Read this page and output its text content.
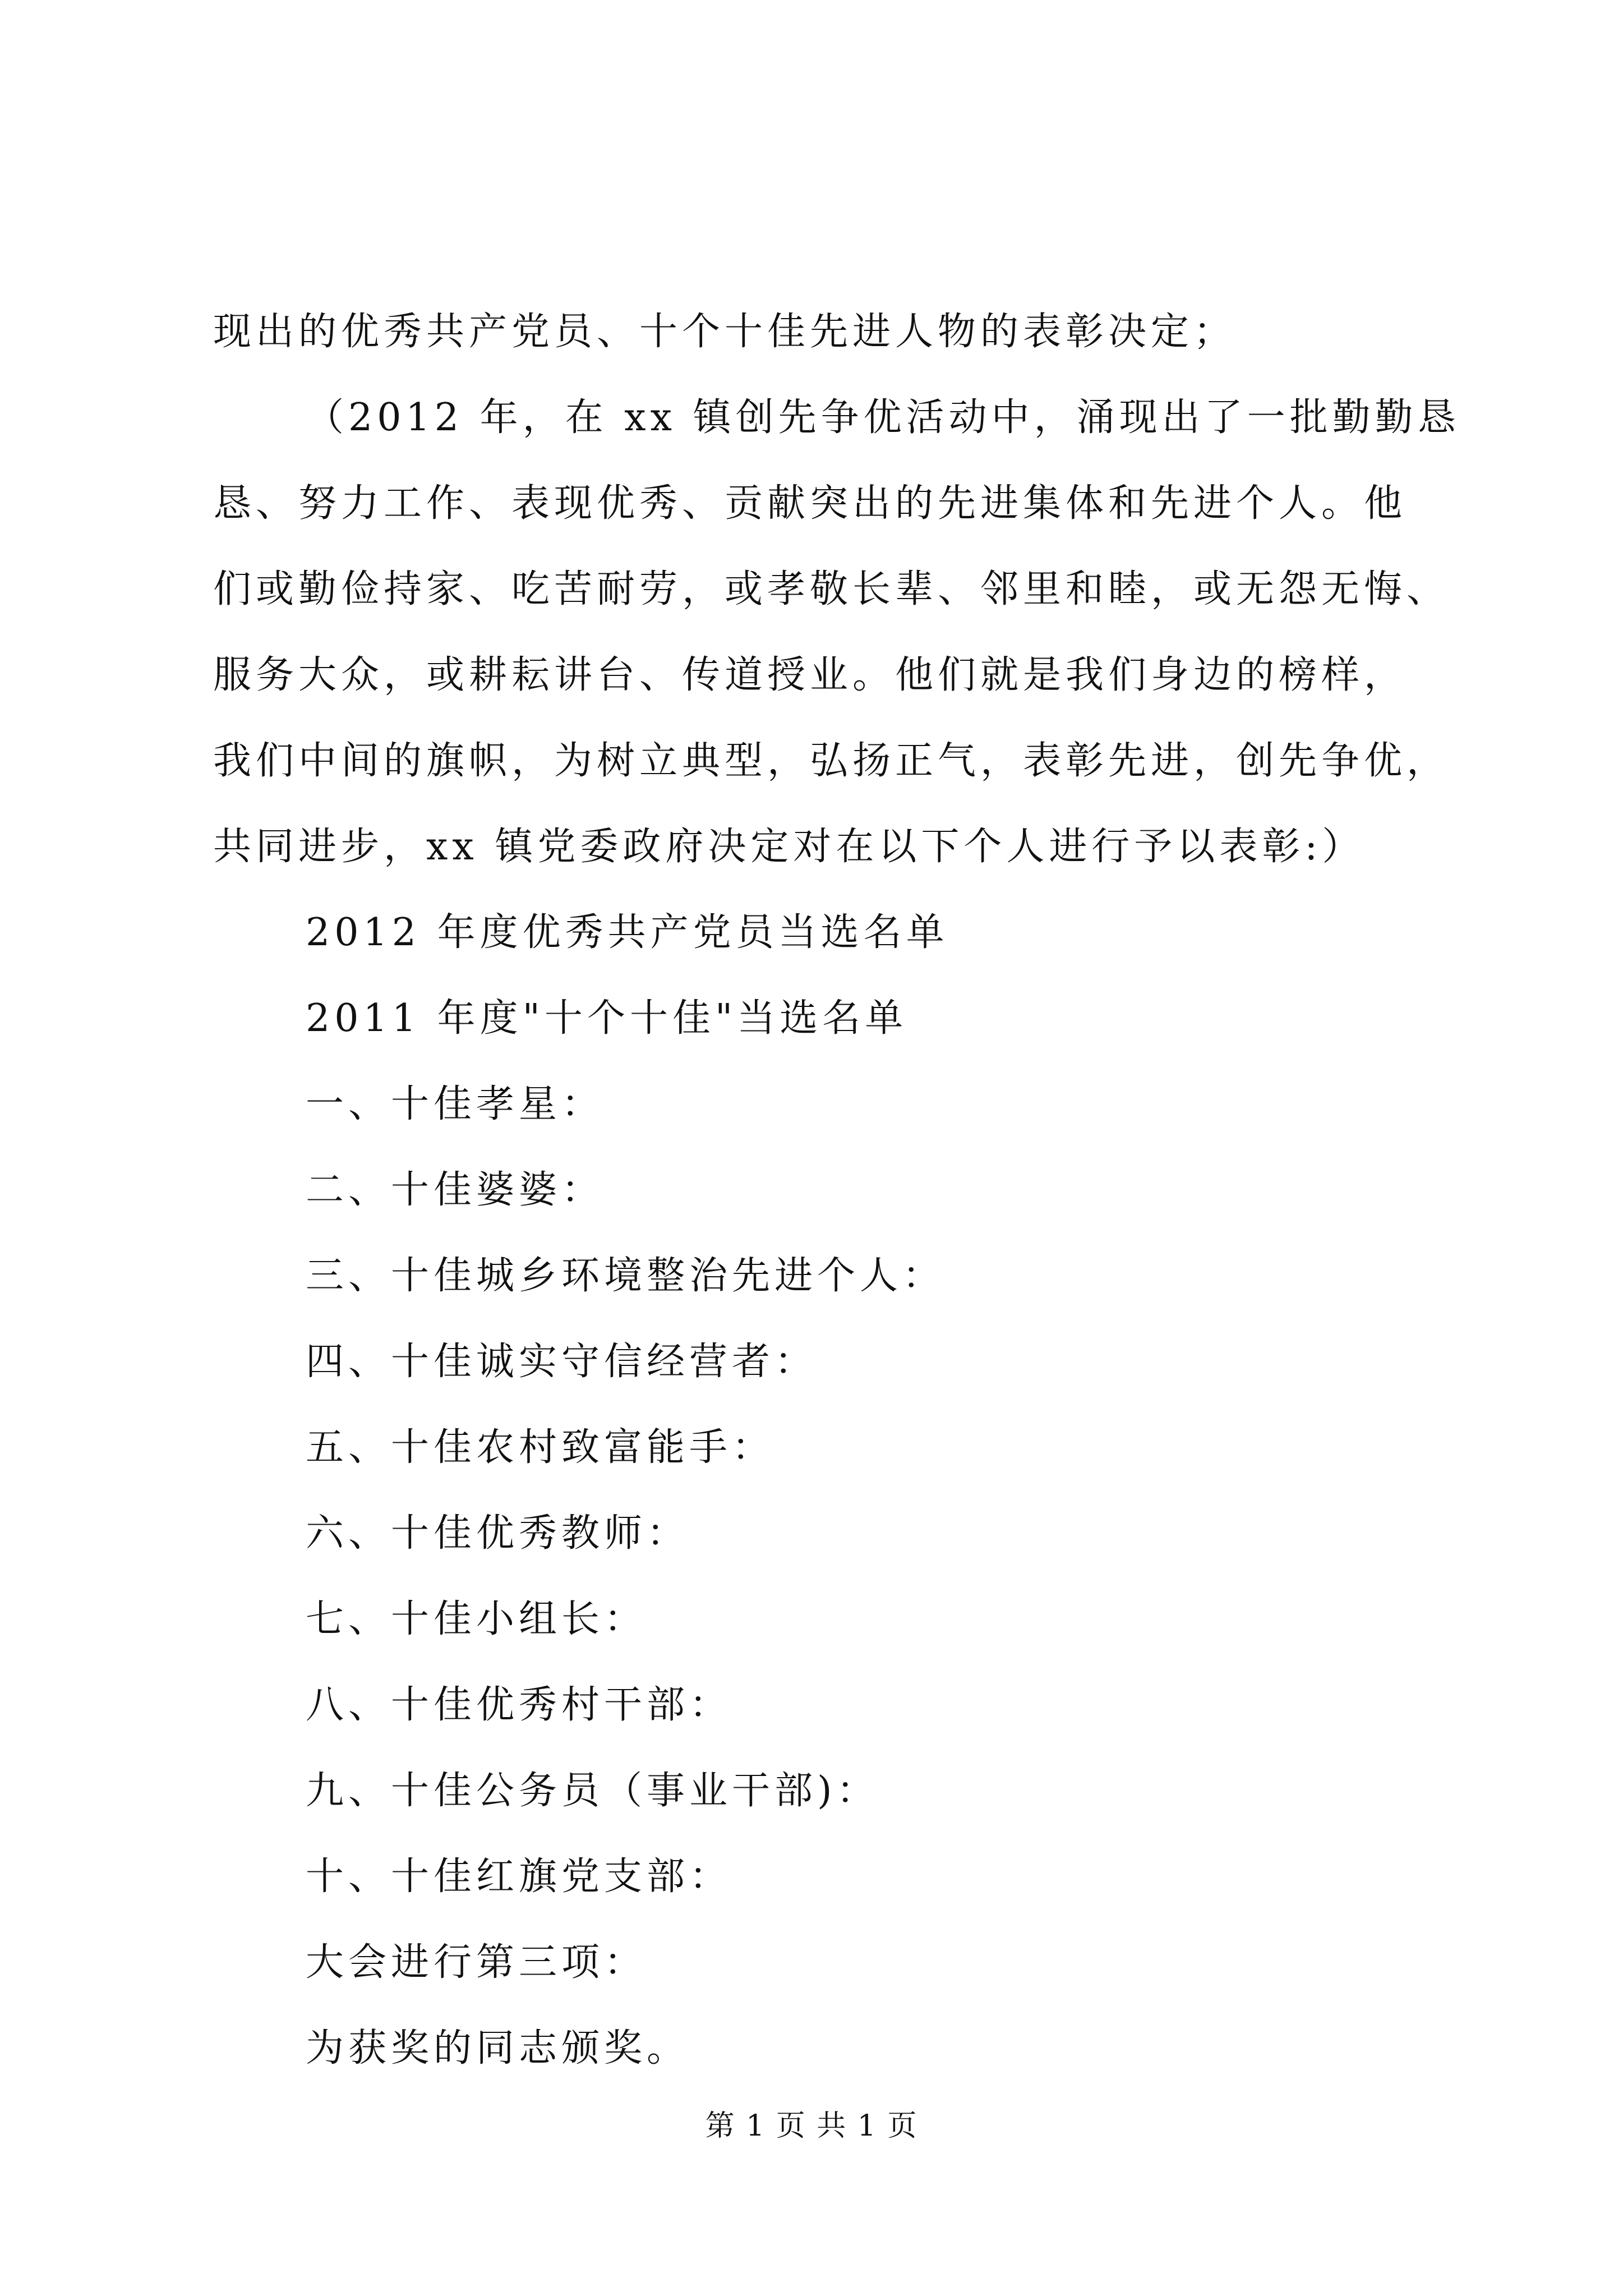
现出的优秀共产党员、十个十佳先进人物的表彰决定；
（2012 年，在 xx 镇创先争优活动中，涌现出了一批勤勤恳
恳、努力工作、表现优秀、贡献突出的先进集体和先进个人。他
们或勤俭持家、吃苦耐劳，或孝敬长辈、邻里和睦，或无怨无悔、
服务大众，或耕耘讲台、传道授业。他们就是我们身边的榜样，
我们中间的旗帜，为树立典型，弘扬正气，表彰先进，创先争优，
共同进步，xx 镇党委政府决定对在以下个人进行予以表彰:）
2012 年度优秀共产党员当选名单
2011 年度"十个十佳"当选名单
一、十佳孝星：
二、十佳婆婆：
三、十佳城乡环境整治先进个人：
四、十佳诚实守信经营者：
五、十佳农村致富能手：
六、十佳优秀教师：
七、十佳小组长：
八、十佳优秀村干部：
九、十佳公务员（事业干部)：
十、十佳红旗党支部：
大会进行第三项：
为获奖的同志颁奖。
第 1 页 共 1 页
